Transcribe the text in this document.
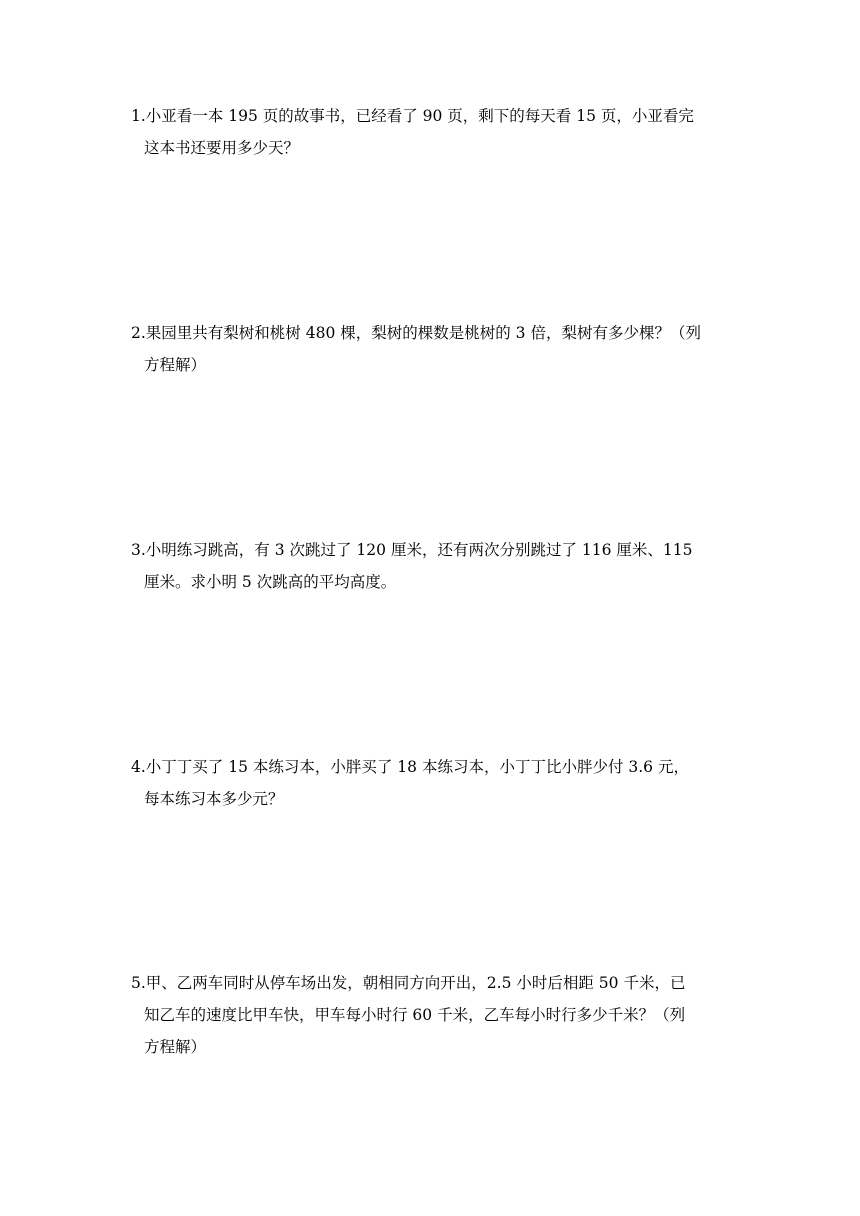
1.小亚看一本 195 页的故事书，已经看了 90 页，剩下的每天看 15 页，小亚看完
这本书还要用多少天？
2.果园里共有梨树和桃树 480 棵，梨树的棵数是桃树的 3 倍，梨树有多少棵？（列
方程解）
3.小明练习跳高，有 3 次跳过了 120 厘米，还有两次分别跳过了 116 厘米、115
厘米。求小明 5 次跳高的平均高度。
4.小丁丁买了 15 本练习本，小胖买了 18 本练习本，小丁丁比小胖少付 3.6 元，
每本练习本多少元？
5.甲、乙两车同时从停车场出发，朝相同方向开出，2.5 小时后相距 50 千米，已
知乙车的速度比甲车快，甲车每小时行 60 千米，乙车每小时行多少千米？（列
方程解）
